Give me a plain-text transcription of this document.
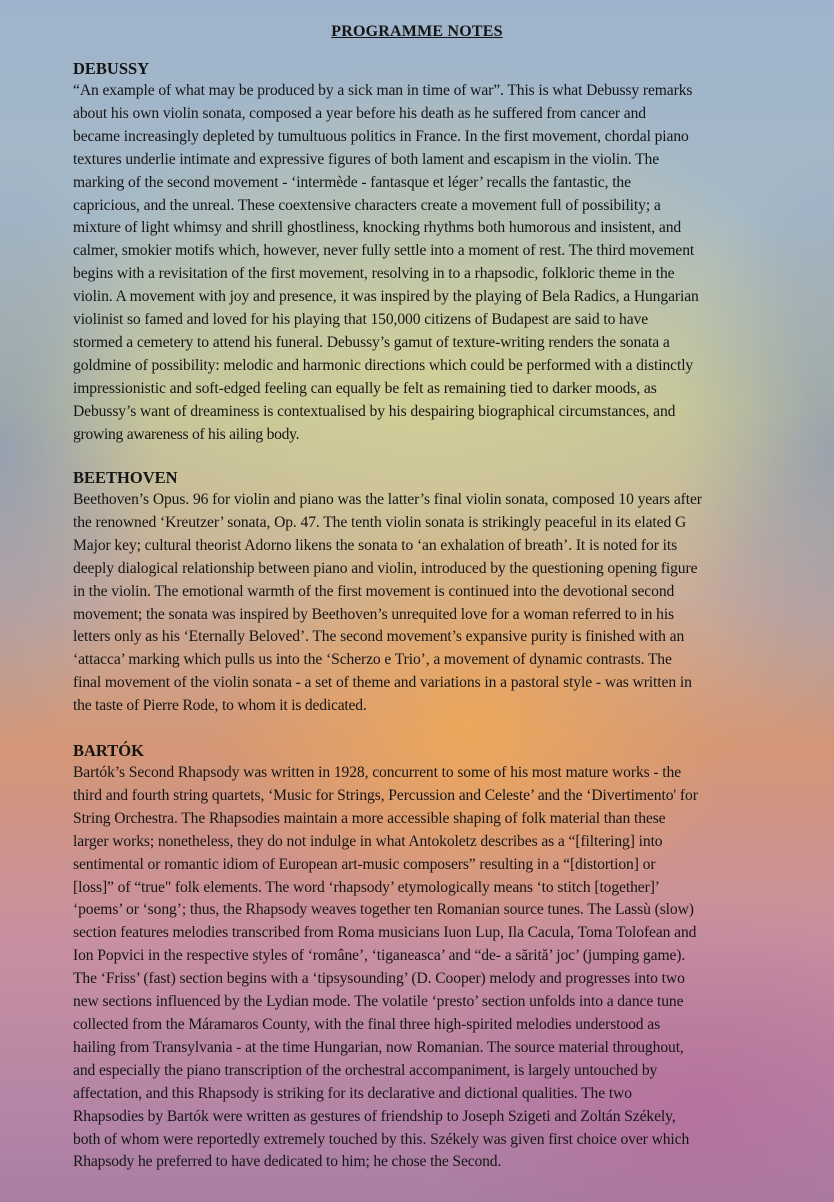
PROGRAMME NOTES
DEBUSSY

“An example of what may be produced by a sick man in time of war”. This is what Debussy remarks
about his own violin sonata, composed a year before his death as he suffered from cancer and
became increasingly depleted by tumultuous politics in France. In the first movement, chordal piano
textures underlie intimate and expressive figures of both lament and escapism in the violin. The
marking of the second movement - ‘intermède - fantasque et léger’ recalls the fantastic, the
capricious, and the unreal. These coextensive characters create a movement full of possibility; a
mixture of light whimsy and shrill ghostliness, knocking rhythms both humorous and insistent, and
calmer, smokier motifs which, however, never fully settle into a moment of rest. The third movement
begins with a revisitation of the first movement, resolving in to a rhapsodic, folkloric theme in the
violin. A movement with joy and presence, it was inspired by the playing of Bela Radics, a Hungarian
violinist so famed and loved for his playing that 150,000 citizens of Budapest are said to have
stormed a cemetery to attend his funeral. Debussy’s gamut of texture-writing renders the sonata a
goldmine of possibility: melodic and harmonic directions which could be performed with a distinctly
impressionistic and soft-edged feeling can equally be felt as remaining tied to darker moods, as
Debussy’s want of dreaminess is contextualised by his despairing biographical circumstances, and
growing awareness of his ailing body.

BEETHOVEN

Beethoven’s Opus. 96 for violin and piano was the latter’s final violin sonata, composed 10 years after
the renowned ‘Kreutzer’ sonata, Op. 47. The tenth violin sonata is strikingly peaceful in its elated G
Major key; cultural theorist Adorno likens the sonata to ‘an exhalation of breath’. It is noted for its
deeply dialogical relationship between piano and violin, introduced by the questioning opening figure
in the violin. The emotional warmth of the first movement is continued into the devotional second
movement; the sonata was inspired by Beethoven’s unrequited love for a woman referred to in his
letters only as his ‘Eternally Beloved’. The second movement’s expansive purity is finished with an
‘attacca’ marking which pulls us into the ‘Scherzo e Trio’, a movement of dynamic contrasts. The
final movement of the violin sonata - a set of theme and variations in a pastoral style - was written in
the taste of Pierre Rode, to whom it is dedicated.

BARTÓK

Bartók’s Second Rhapsody was written in 1928, concurrent to some of his most mature works - the
third and fourth string quartets, ‘Music for Strings, Percussion and Celeste’ and the ‘Divertimento' for
String Orchestra. The Rhapsodies maintain a more accessible shaping of folk material than these
larger works; nonetheless, they do not indulge in what Antokoletz describes as a “[filtering] into
sentimental or romantic idiom of European art-music composers” resulting in a “[distortion] or
[loss]” of “true" folk elements. The word ‘rhapsody’ etymologically means ‘to stitch [together]’
‘poems’ or ‘song’; thus, the Rhapsody weaves together ten Romanian source tunes. The Lassù (slow)
section features melodies transcribed from Roma musicians Iuon Lup, Ila Cacula, Toma Tolofean and
Ion Popvici in the respective styles of ‘române’, ‘tiganeasca’ and “de- a sărită’ joc’ (jumping game).
The ‘Friss’ (fast) section begins with a ‘tipsysounding’ (D. Cooper) melody and progresses into two
new sections influenced by the Lydian mode. The volatile ‘presto’ section unfolds into a dance tune
collected from the Máramaros County, with the final three high-spirited melodies understood as
hailing from Transylvania - at the time Hungarian, now Romanian. The source material throughout,
and especially the piano transcription of the orchestral accompaniment, is largely untouched by
affectation, and this Rhapsody is striking for its declarative and dictional qualities. The two
Rhapsodies by Bartók were written as gestures of friendship to Joseph Szigeti and Zoltán Székely,
both of whom were reportedly extremely touched by this. Székely was given first choice over which
Rhapsody he preferred to have dedicated to him; he chose the Second.
